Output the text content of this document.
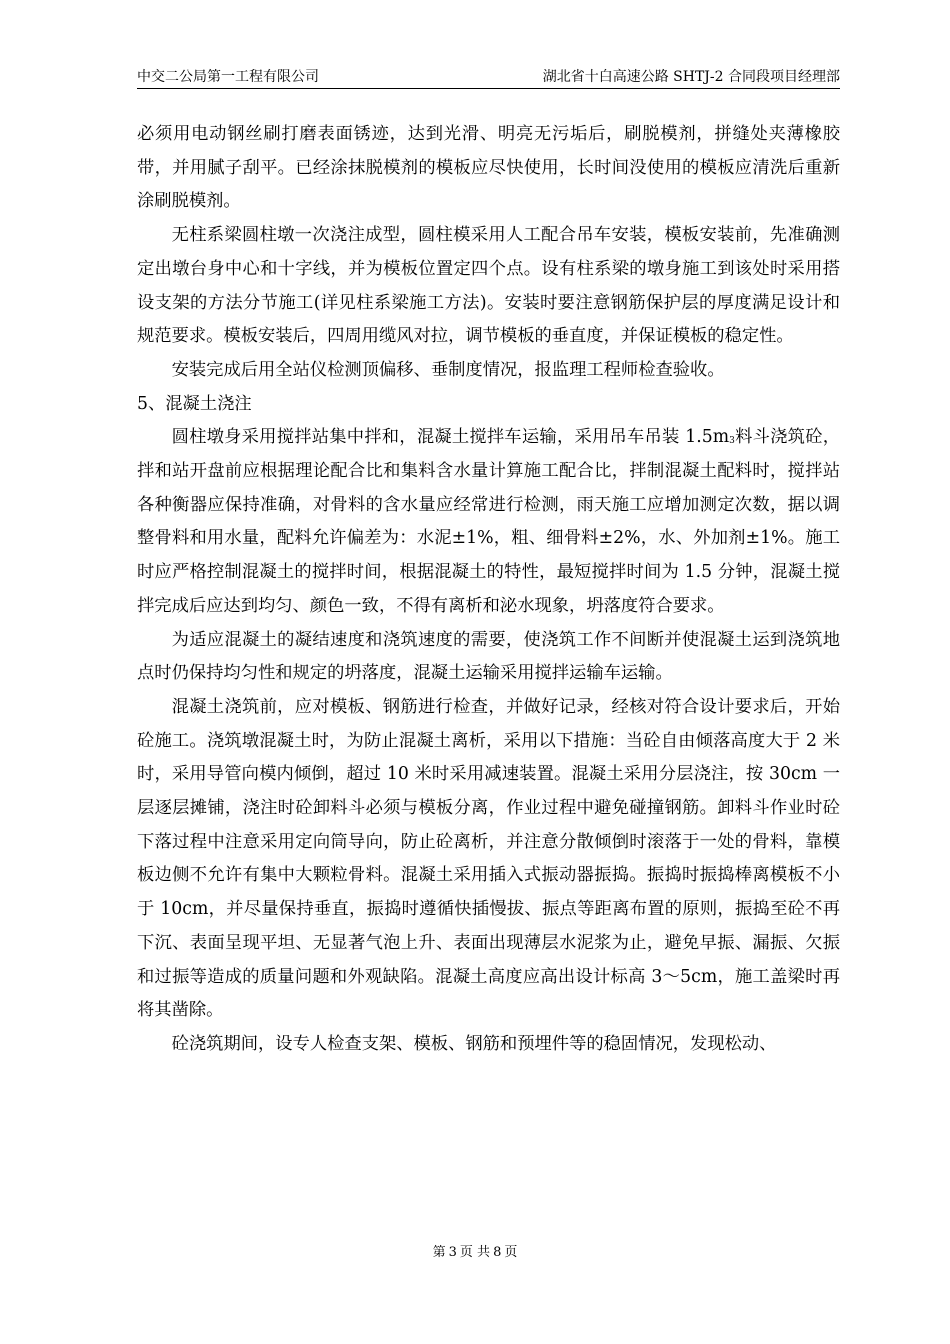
中交二公局第一工程有限公司	湖北省十白高速公路 SHTJ-2 合同段项目经理部

必须用电动钢丝刷打磨表面锈迹，达到光滑、明亮无污垢后，刷脱模剂，拼缝处夹薄橡胶带，并用腻子刮平。已经涂抹脱模剂的模板应尽快使用，长时间没使用的模板应清洗后重新涂刷脱模剂。

无柱系梁圆柱墩一次浇注成型，圆柱模采用人工配合吊车安装，模板安装前，先准确测定出墩台身中心和十字线，并为模板位置定四个点。设有柱系梁的墩身施工到该处时采用搭设支架的方法分节施工(详见柱系梁施工方法)。安装时要注意钢筋保护层的厚度满足设计和规范要求。模板安装后，四周用缆风对拉，调节模板的垂直度，并保证模板的稳定性。

安装完成后用全站仪检测顶偏移、垂制度情况，报监理工程师检查验收。

5、混凝土浇注

圆柱墩身采用搅拌站集中拌和，混凝土搅拌车运输，采用吊车吊装 $1.5m^3$料斗浇筑砼，拌和站开盘前应根据理论配合比和集料含水量计算施工配合比，拌制混凝土配料时，搅拌站各种衡器应保持准确，对骨料的含水量应经常进行检测，雨天施工应增加测定次数，据以调整骨料和用水量，配料允许偏差为：水泥±1%，粗、细骨料±2%，水、外加剂±1%。施工时应严格控制混凝土的搅拌时间，根据混凝土的特性，最短搅拌时间为 1.5 分钟，混凝土搅拌完成后应达到均匀、颜色一致，不得有离析和泌水现象，坍落度符合要求。

为适应混凝土的凝结速度和浇筑速度的需要，使浇筑工作不间断并使混凝土运到浇筑地点时仍保持均匀性和规定的坍落度，混凝土运输采用搅拌运输车运输。

混凝土浇筑前，应对模板、钢筋进行检查，并做好记录，经核对符合设计要求后，开始砼施工。浇筑墩混凝土时，为防止混凝土离析，采用以下措施：当砼自由倾落高度大于 2 米时，采用导管向模内倾倒，超过 10 米时采用减速装置。混凝土采用分层浇注，按 30cm 一层逐层摊铺，浇注时砼卸料斗必须与模板分离，作业过程中避免碰撞钢筋。卸料斗作业时砼下落过程中注意采用定向筒导向，防止砼离析，并注意分散倾倒时滚落于一处的骨料，靠模板边侧不允许有集中大颗粒骨料。混凝土采用插入式振动器振捣。振捣时振捣棒离模板不小于 10cm，并尽量保持垂直，振捣时遵循快插慢拔、振点等距离布置的原则，振捣至砼不再下沉、表面呈现平坦、无显著气泡上升、表面出现薄层水泥浆为止，避免早振、漏振、欠振和过振等造成的质量问题和外观缺陷。混凝土高度应高出设计标高 3～5cm，施工盖梁时再将其凿除。

砼浇筑期间，设专人检查支架、模板、钢筋和预埋件等的稳固情况，发现松动、

第 3 页 共 8 页
